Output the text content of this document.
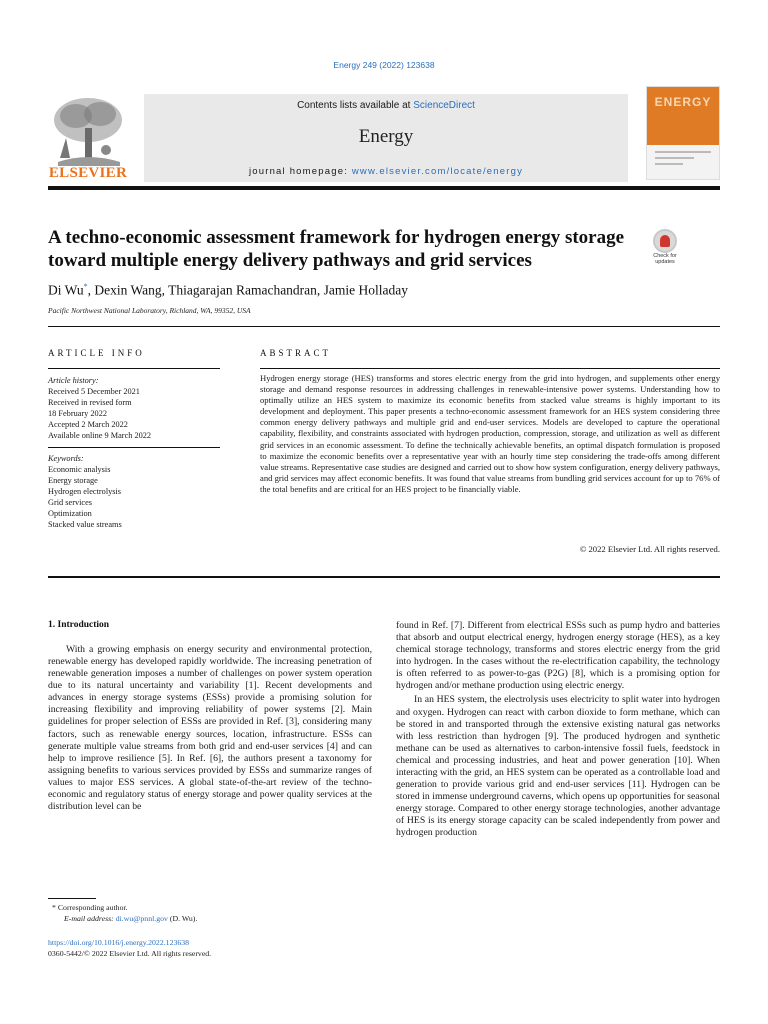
Energy 249 (2022) 123638
ELSEVIER
Contents lists available at ScienceDirect
Energy
journal homepage: www.elsevier.com/locate/energy
ENERGY
A techno-economic assessment framework for hydrogen energy storage toward multiple energy delivery pathways and grid services	Check for
updates
Di Wu*, Dexin Wang, Thiagarajan Ramachandran, Jamie Holladay
Pacific Northwest National Laboratory, Richland, WA, 99352, USA
ARTICLE INFO
Article history:
Received 5 December 2021
Received in revised form
18 February 2022
Accepted 2 March 2022
Available online 9 March 2022
Keywords:
Economic analysis
Energy storage
Hydrogen electrolysis
Grid services
Optimization
Stacked value streams
ABSTRACT
Hydrogen energy storage (HES) transforms and stores electric energy from the grid into hydrogen, and supplements other energy storage and demand response resources in addressing challenges in renewable-intensive power systems. Understanding how to optimally utilize an HES system to maximize its economic benefits from stacked value streams is highly important to its development and deployment. This paper presents a techno-economic assessment framework for an HES system considering three common energy delivery pathways and multiple grid and end-user services. Models are developed to capture the operational capability, flexibility, and constraints associated with hydrogen production, compression, storage, and utilization as well as different grid services in an economic assessment. To define the technically achievable benefits, an optimal dispatch formulation is proposed to maximize the economic benefits over a representative year with an hourly time step considering the trade-offs among different value streams. Representative case studies are designed and carried out to show how system configuration, energy delivery pathways, and grid services may affect economic benefits. It was found that value streams from bundling grid services account for up to 76% of the total benefits and are critical for an HES project to be financially viable.
© 2022 Elsevier Ltd. All rights reserved.
1. Introduction

With a growing emphasis on energy security and environmental protection, renewable energy has developed rapidly worldwide. The increasing penetration of renewable generation imposes a number of challenges on power system operation due to its natural uncertainty and variability [1]. Recent developments and advances in energy storage systems (ESSs) provide a promising solution for increasing flexibility and improving reliability of power systems [2]. Main guidelines for proper selection of ESSs are provided in Ref. [3], considering many factors, such as renewable energy sources, location, infrastructure. ESSs can generate multiple value streams from both grid and end-user services [4] and can help to improve resilience [5]. In Ref. [6], the authors present a taxonomy for assigning benefits to various services provided by ESSs and summarize ranges of values to major ESS services. A global state-of-the-art review of the techno-economic and regulatory status of energy storage and power quality services at the distribution level can be

found in Ref. [7]. Different from electrical ESSs such as pump hydro and batteries that absorb and output electrical energy, hydrogen energy storage (HES), as a key chemical storage technology, transforms and stores electric energy from the grid into hydrogen. In the cases without the re-electrification capability, the technology is often referred to as power-to-gas (P2G) [8], which is a promising option for hydrogen and/or methane production using electric energy.

In an HES system, the electrolysis uses electricity to split water into hydrogen and oxygen. Hydrogen can react with carbon dioxide to form methane, which can be stored in and transported through the extensive existing natural gas networks with less restriction than hydrogen [9]. The produced hydrogen and synthetic methane can be used as alternatives to carbon-intensive fossil fuels, feedstock in chemical and processing industries, and heat and power generation [10]. When interacting with the grid, an HES system can be operated as a controllable load and generation to provide various grid and end-user services [11]. Hydrogen can be stored in immense underground caverns, which opens up opportunities for seasonal energy storage. Compared to other energy storage technologies, another advantage of HES is its energy storage capacity can be scaled independently from power and hydrogen production

* Corresponding author.
E-mail address: di.wu@pnnl.gov (D. Wu).
https://doi.org/10.1016/j.energy.2022.123638
0360-5442/© 2022 Elsevier Ltd. All rights reserved.
